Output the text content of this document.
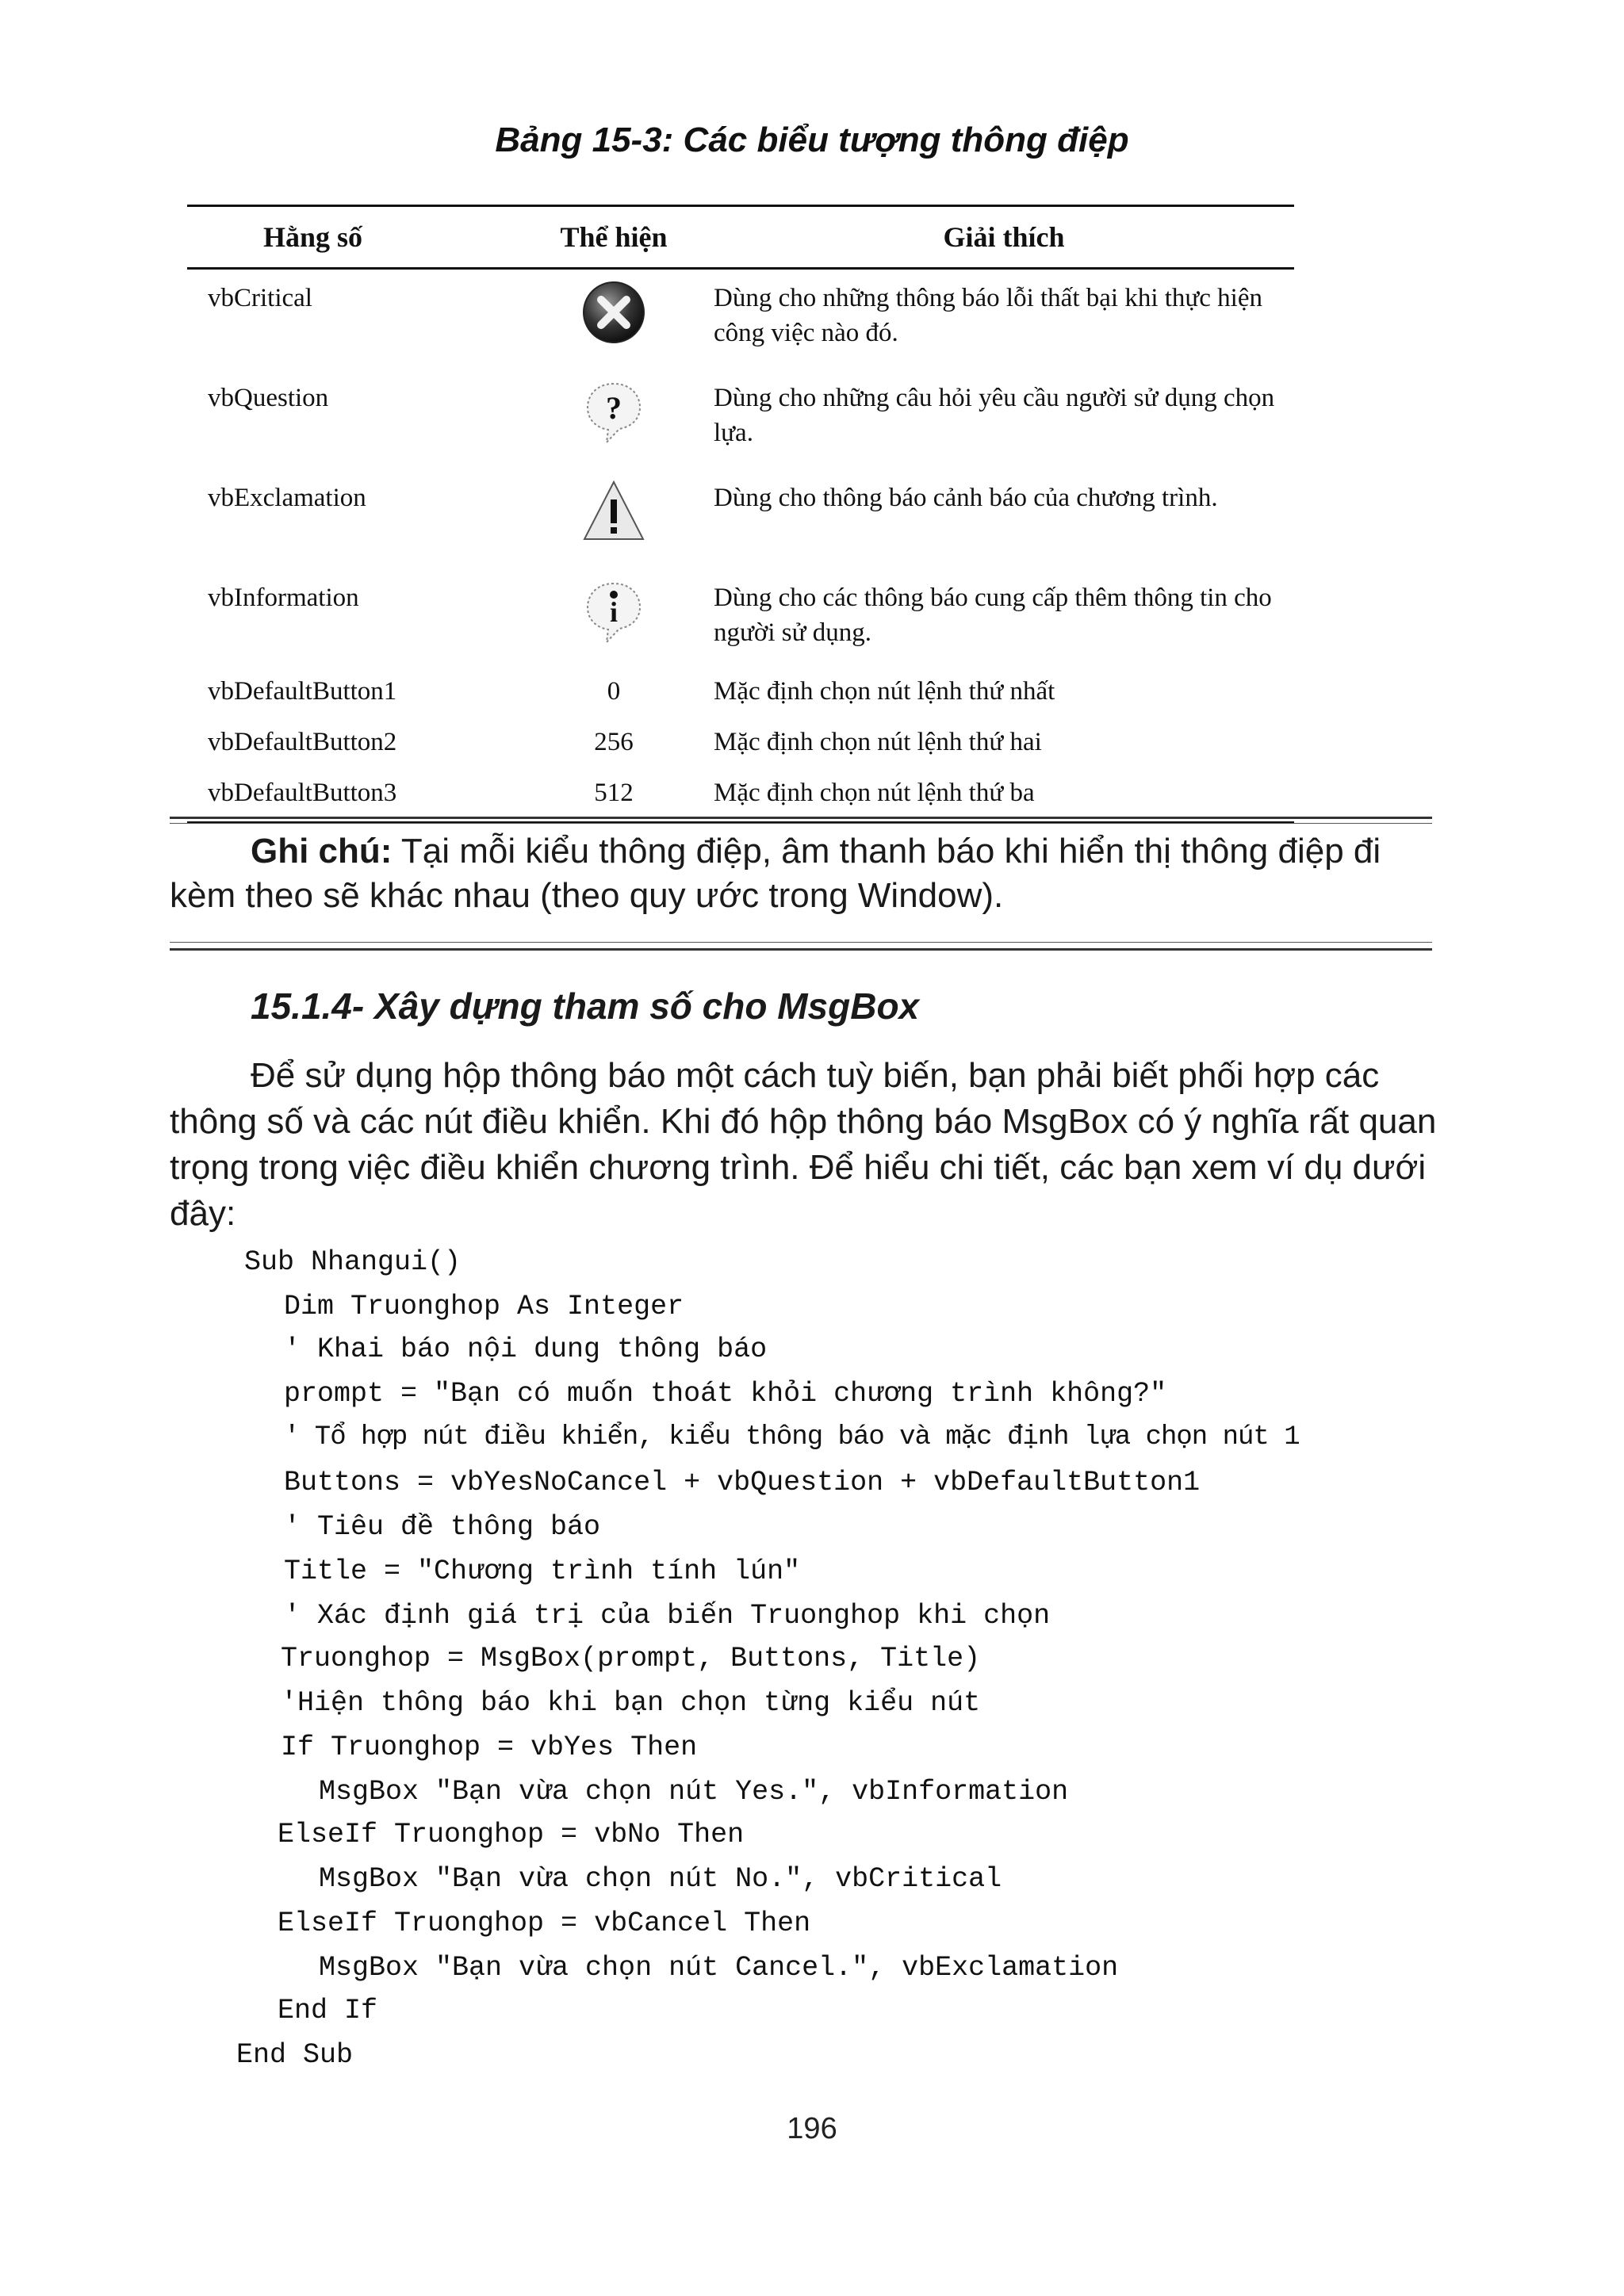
Bảng 15-3: Các biểu tượng thông điệp
Hằng số	Thể hiện	Giải thích
vbCritical		Dùng cho những thông báo lỗi thất bại khi thực hiện công việc nào đó.
vbQuestion	?	Dùng cho những câu hỏi yêu cầu người sử dụng chọn lựa.
vbExclamation		Dùng cho thông báo cảnh báo của chương trình.
vbInformation	i	Dùng cho các thông báo cung cấp thêm thông tin cho người sử dụng.
vbDefaultButton1	0	Mặc định chọn nút lệnh thứ nhất
vbDefaultButton2	256	Mặc định chọn nút lệnh thứ hai
vbDefaultButton3	512	Mặc định chọn nút lệnh thứ ba
Ghi chú: Tại mỗi kiểu thông điệp, âm thanh báo khi hiển thị thông điệp đi kèm theo sẽ khác nhau (theo quy ước trong Window).
15.1.4- Xây dựng tham số cho MsgBox
Để sử dụng hộp thông báo một cách tuỳ biến, bạn phải biết phối hợp các thông số và các nút điều khiển. Khi đó hộp thông báo MsgBox có ý nghĩa rất quan trọng trong việc điều khiển chương trình. Để hiểu chi tiết, các bạn xem ví dụ dưới đây:
Sub Nhangui()
Dim Truonghop As Integer
' Khai báo nội dung thông báo
prompt = "Bạn có muốn thoát khỏi chương trình không?"
' Tổ hợp nút điều khiển, kiểu thông báo và mặc định lựa chọn nút 1
Buttons = vbYesNoCancel + vbQuestion + vbDefaultButton1
' Tiêu đề thông báo
Title = "Chương trình tính lún"
' Xác định giá trị của biến Truonghop khi chọn
Truonghop = MsgBox(prompt, Buttons, Title)
'Hiện thông báo khi bạn chọn từng kiểu nút
If Truonghop = vbYes Then
MsgBox "Bạn vừa chọn nút Yes.", vbInformation
ElseIf Truonghop = vbNo Then
MsgBox "Bạn vừa chọn nút No.", vbCritical
ElseIf Truonghop = vbCancel Then
MsgBox "Bạn vừa chọn nút Cancel.", vbExclamation
End If
End Sub
196
